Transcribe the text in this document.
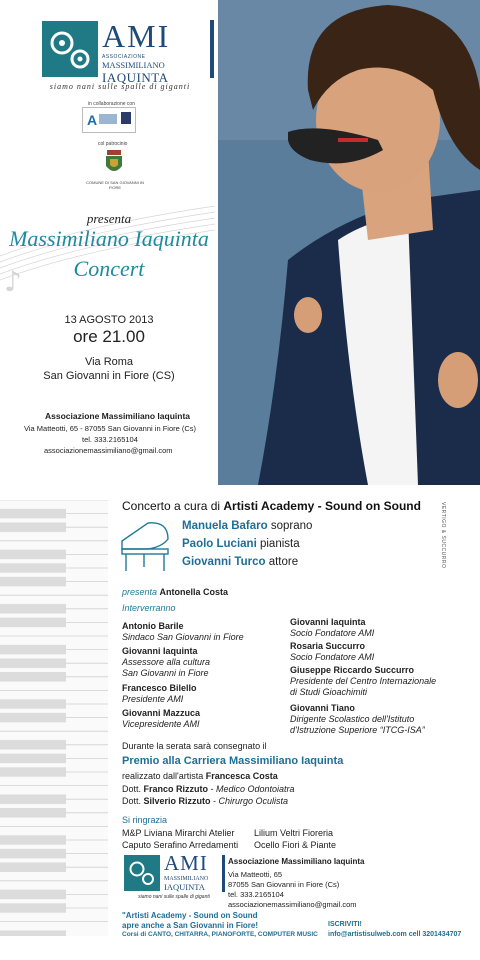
AMI
ASSOCIAZIONE
MASSIMILIANO
IAQUINTA
siamo nani sulle spalle di giganti
in collaborazione con
A
col patrocinio
COMUNE DI SAN GIOVANNI IN FIORE
♪
presenta
Massimiliano Iaquinta
Concert
13 AGOSTO 2013
ore 21.00
Via Roma
San Giovanni in Fiore (CS)
Associazione Massimiliano Iaquinta
Via Matteotti, 65 - 87055 San Giovanni in Fiore (Cs)
tel. 333.2165104
associazionemassimiliano@gmail.com
VERTIGO & SUCCURRO
Concerto a cura di Artisti Academy - Sound on Sound
Manuela Bafaro soprano
Paolo Luciani pianista
Giovanni Turco attore
presenta Antonella Costa
Interverranno
Antonio Barile
Sindaco San Giovanni in Fiore
Giovanni Iaquinta
Assessore alla cultura
San Giovanni in Fiore
Francesco Bilello
Presidente AMI
Giovanni Mazzuca
Vicepresidente AMI
Giovanni Iaquinta
Socio Fondatore AMI
Rosaria Succurro
Socio Fondatore AMI
Giuseppe Riccardo Succurro
Presidente del Centro Internazionale
di Studi Gioachimiti
Giovanni Tiano
Dirigente Scolastico dell'Istituto
d'Istruzione Superiore “ITCG-ISA”
Durante la serata sarà consegnato il
Premio alla Carriera Massimiliano Iaquinta
realizzato dall'artista Francesca Costa
Dott. Franco Rizzuto - Medico Odontoiatra
Dott. Silverio Rizzuto - Chirurgo Oculista
Si ringrazia
M&P Liviana Mirarchi Atelier Lilium Veltri Fioreria
Caputo Serafino Arredamenti Ocello Fiori & Piante
AMI
MASSIMILIANO
IAQUINTA
siamo nani sulle spalle di giganti
Associazione Massimiliano Iaquinta
Via Matteotti, 65
87055 San Giovanni in Fiore (Cs)
tel. 333.2165104
associazionemassimiliano@gmail.com
"Artisti Academy - Sound on Sound
apre anche a San Giovanni in Fiore!
Corsi di CANTO, CHITARRA, PIANOFORTE, COMPUTER MUSIC
ISCRIVITI!
info@artistisulweb.com cell 3201434707
